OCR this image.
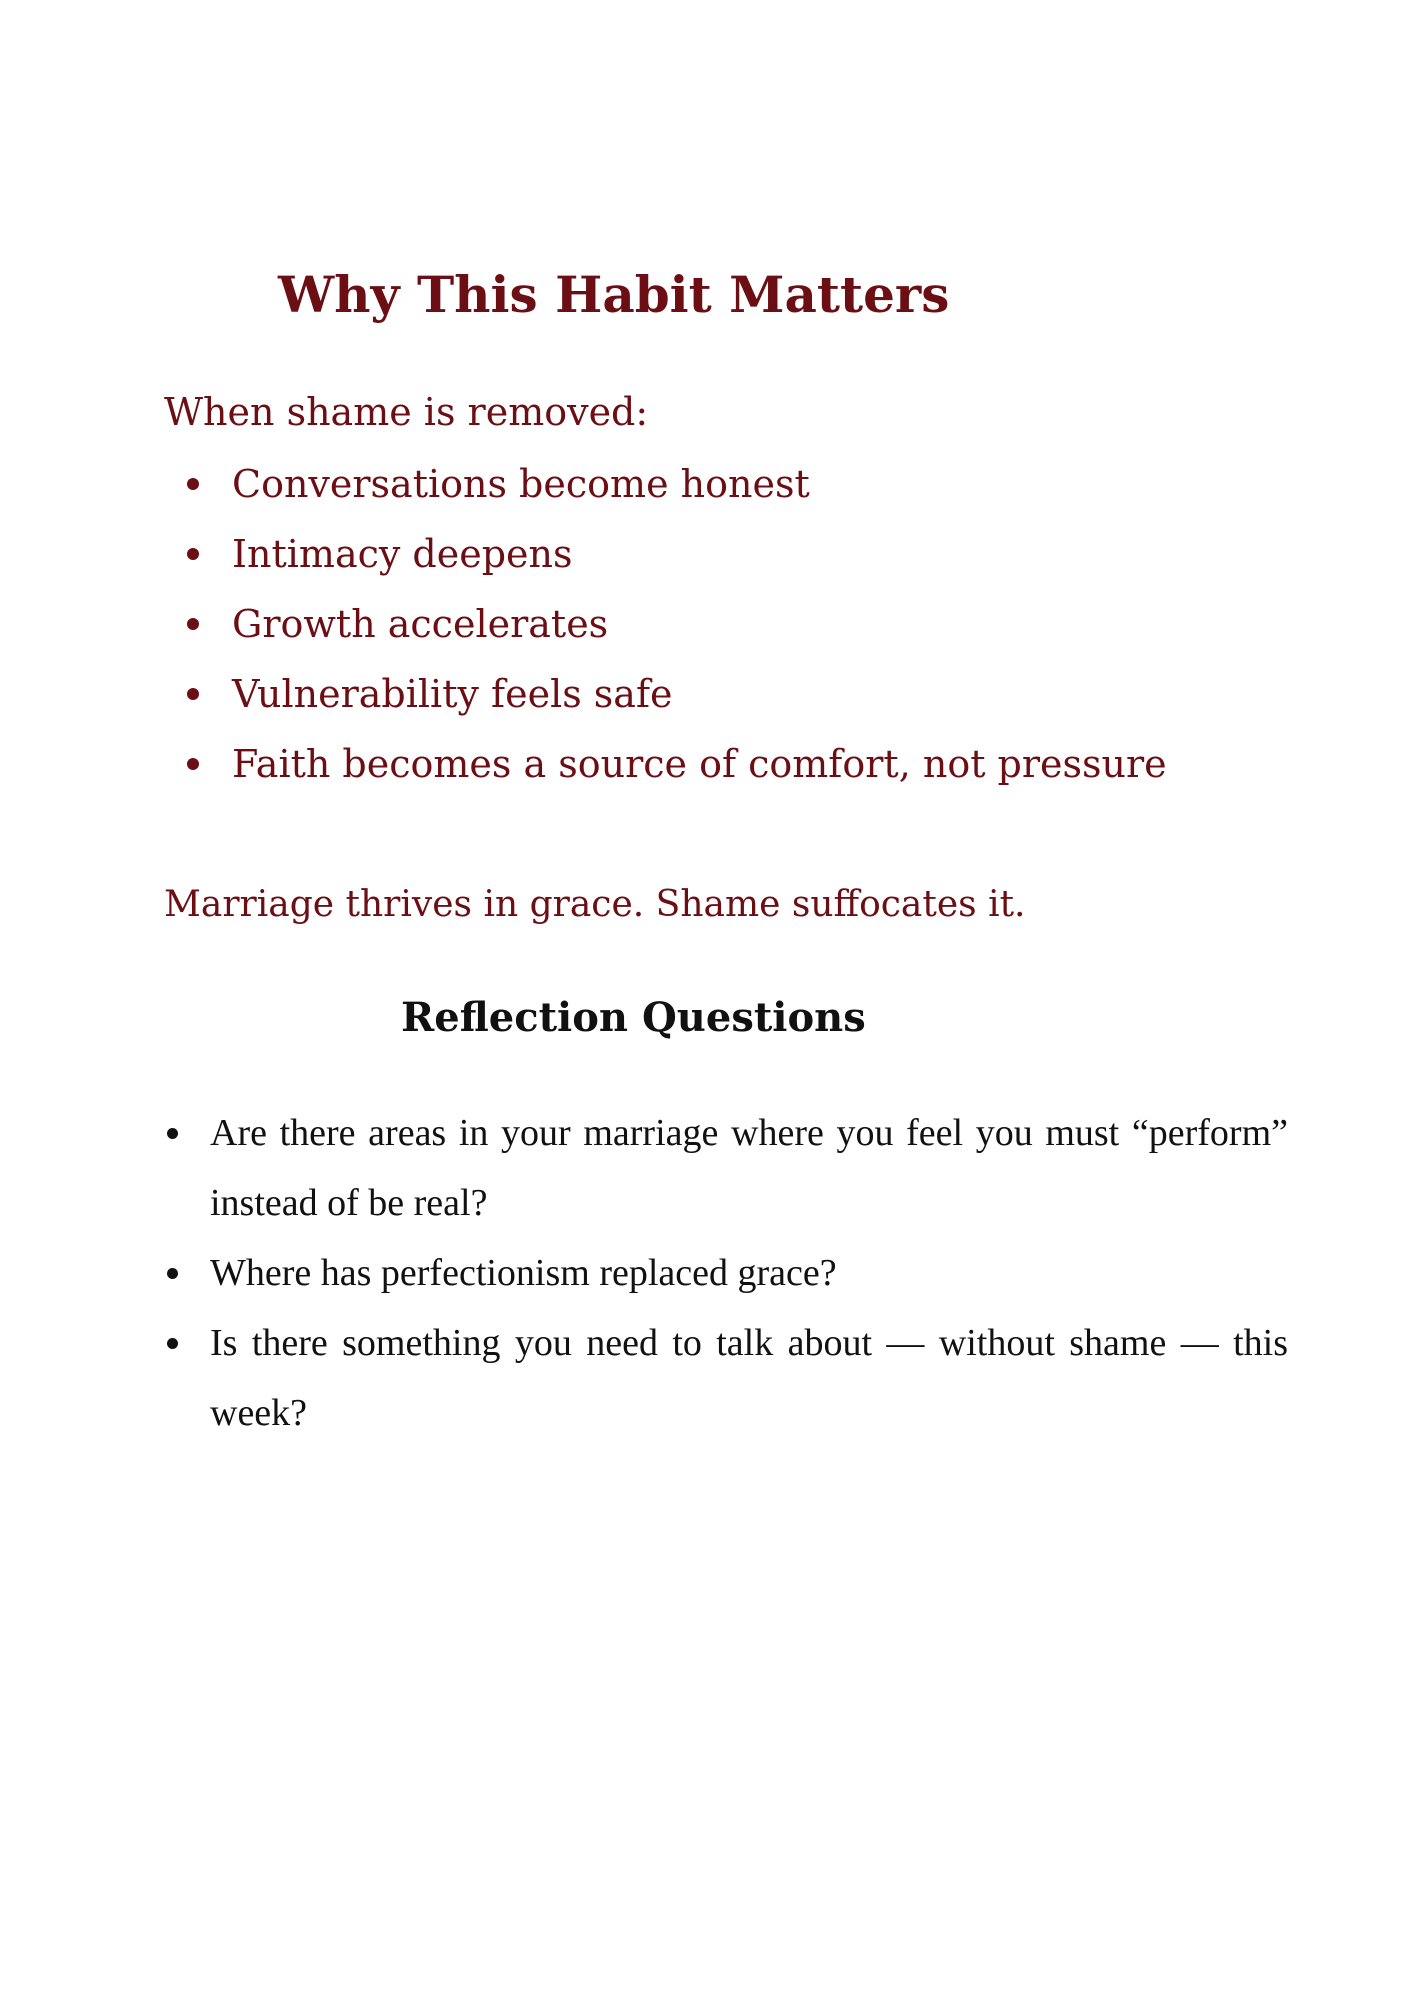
Why This Habit Matters

When shame is removed:

Conversations become honest
Intimacy deepens
Growth accelerates
Vulnerability feels safe
Faith becomes a source of comfort, not pressure

Marriage thrives in grace. Shame suffocates it.

Reflection Questions
Are there areas in your marriage where you feel you must “perform” instead of be real?
Where has perfectionism replaced grace?
Is there something you need to talk about — without shame — this week?
